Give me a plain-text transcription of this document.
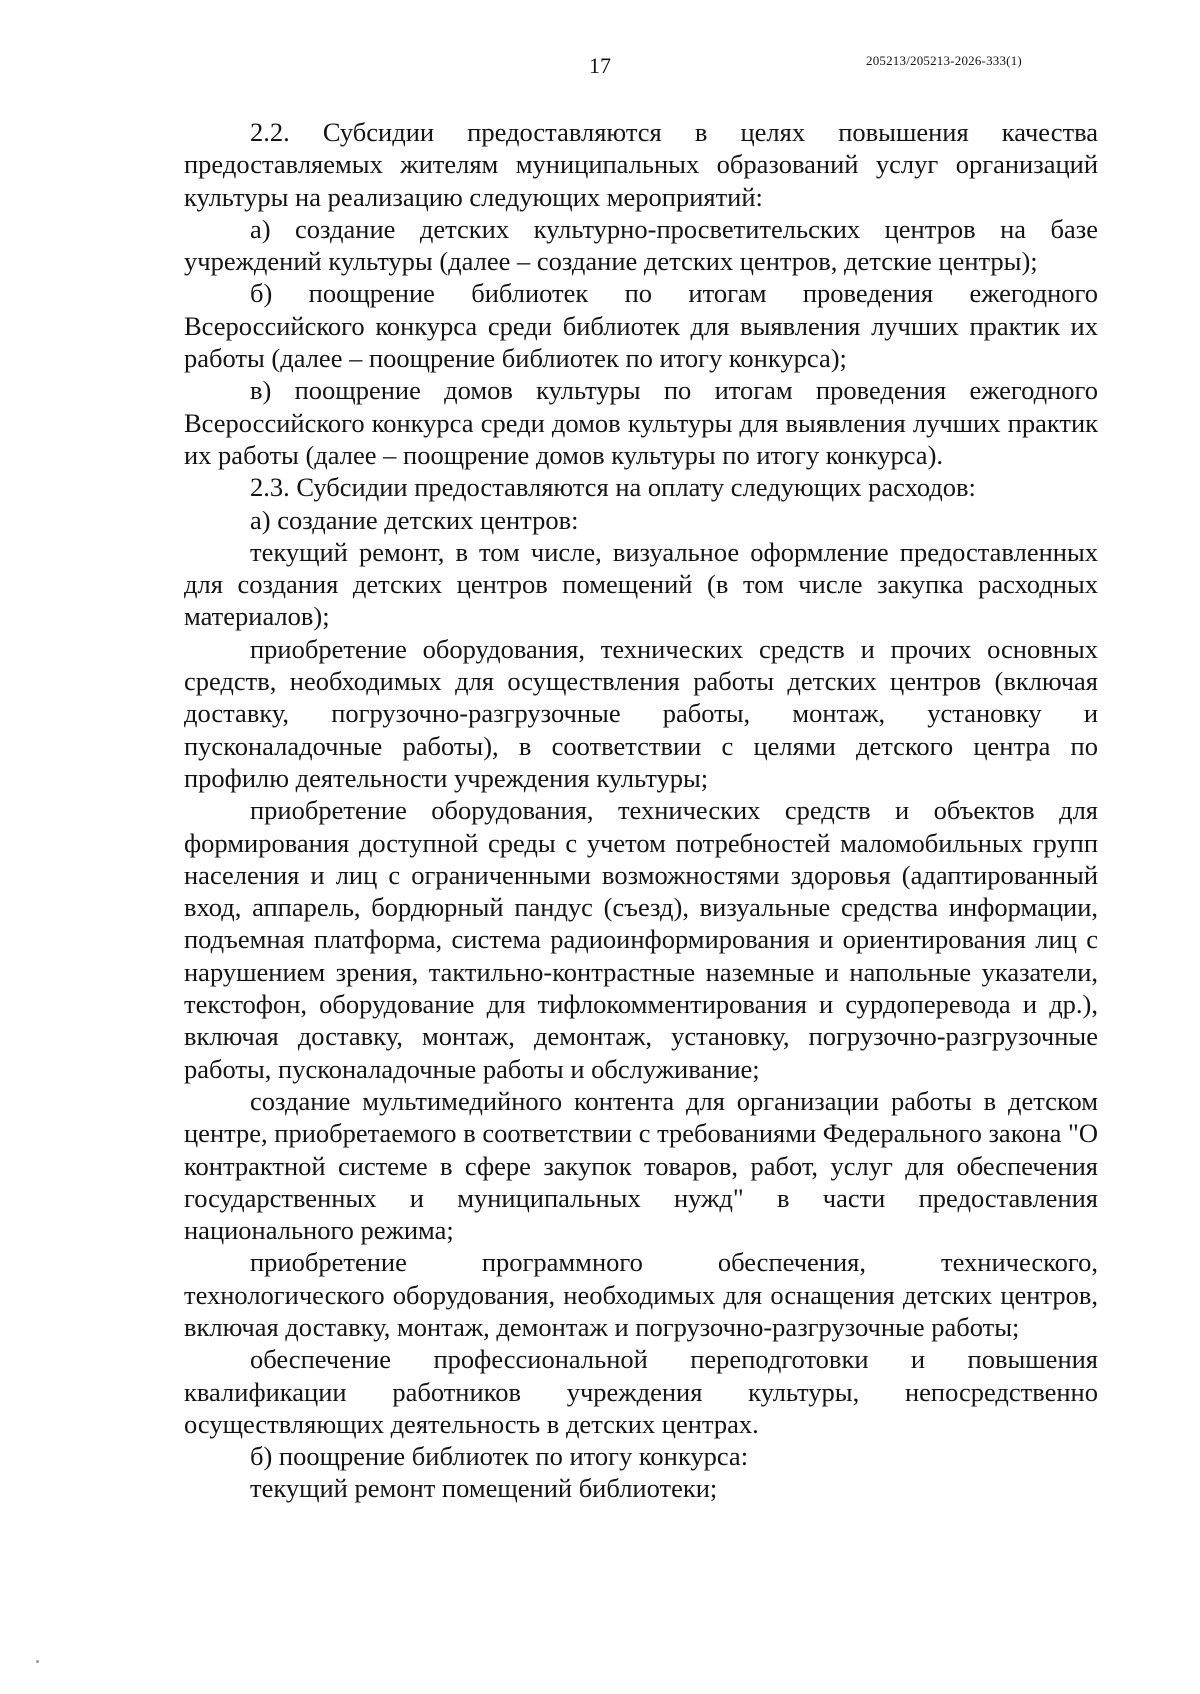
17	205213/205213-2026-333(1)

2.2. Субсидии предоставляются в целях повышения качества предоставляемых жителям муниципальных образований услуг организаций культуры на реализацию следующих мероприятий:

а) создание детских культурно-просветительских центров на базе учреждений культуры (далее – создание детских центров, детские центры);

б) поощрение библиотек по итогам проведения ежегодного Всероссийского конкурса среди библиотек для выявления лучших практик их работы (далее – поощрение библиотек по итогу конкурса);

в) поощрение домов культуры по итогам проведения ежегодного Всероссийского конкурса среди домов культуры для выявления лучших практик их работы (далее – поощрение домов культуры по итогу конкурса).

2.3. Субсидии предоставляются на оплату следующих расходов:

а) создание детских центров:

текущий ремонт, в том числе, визуальное оформление предоставленных для создания детских центров помещений (в том числе закупка расходных материалов);

приобретение оборудования, технических средств и прочих основных средств, необходимых для осуществления работы детских центров (включая доставку, погрузочно-разгрузочные работы, монтаж, установку и пусконаладочные работы), в соответствии с целями детского центра по профилю деятельности учреждения культуры;

приобретение оборудования, технических средств и объектов для формирования доступной среды с учетом потребностей маломобильных групп населения и лиц с ограниченными возможностями здоровья (адаптированный вход, аппарель, бордюрный пандус (съезд), визуальные средства информации, подъемная платформа, система радиоинформирования и ориентирования лиц с нарушением зрения, тактильно-контрастные наземные и напольные указатели, текстофон, оборудование для тифлокомментирования и сурдоперевода и др.), включая доставку, монтаж, демонтаж, установку, погрузочно-разгрузочные работы, пусконаладочные работы и обслуживание;

создание мультимедийного контента для организации работы в детском центре, приобретаемого в соответствии с требованиями Федерального закона "О контрактной системе в сфере закупок товаров, работ, услуг для обеспечения государственных и муниципальных нужд" в части предоставления национального режима;

приобретение программного обеспечения, технического, технологического оборудования, необходимых для оснащения детских центров, включая доставку, монтаж, демонтаж и погрузочно-разгрузочные работы;

обеспечение профессиональной переподготовки и повышения квалификации работников учреждения культуры, непосредственно осуществляющих деятельность в детских центрах.

б) поощрение библиотек по итогу конкурса:

текущий ремонт помещений библиотеки;
